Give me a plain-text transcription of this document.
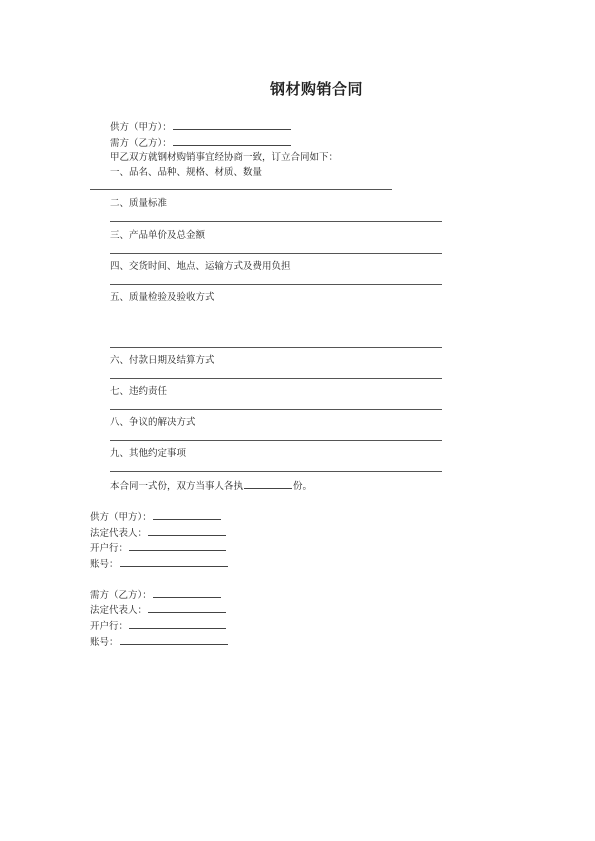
钢材购销合同
供方（甲方）：
需方（乙方）：
甲乙双方就钢材购销事宜经协商一致，订立合同如下：
一、品名、品种、规格、材质、数量
二、质量标准
三、产品单价及总金额
四、交货时间、地点、运输方式及费用负担
五、质量检验及验收方式
六、付款日期及结算方式
七、违约责任
八、争议的解决方式
九、其他约定事项
本合同一式份，双方当事人各执	份。
供方（甲方）：
法定代表人：
开户行：
账号：
需方（乙方）：
法定代表人：
开户行：
账号：
